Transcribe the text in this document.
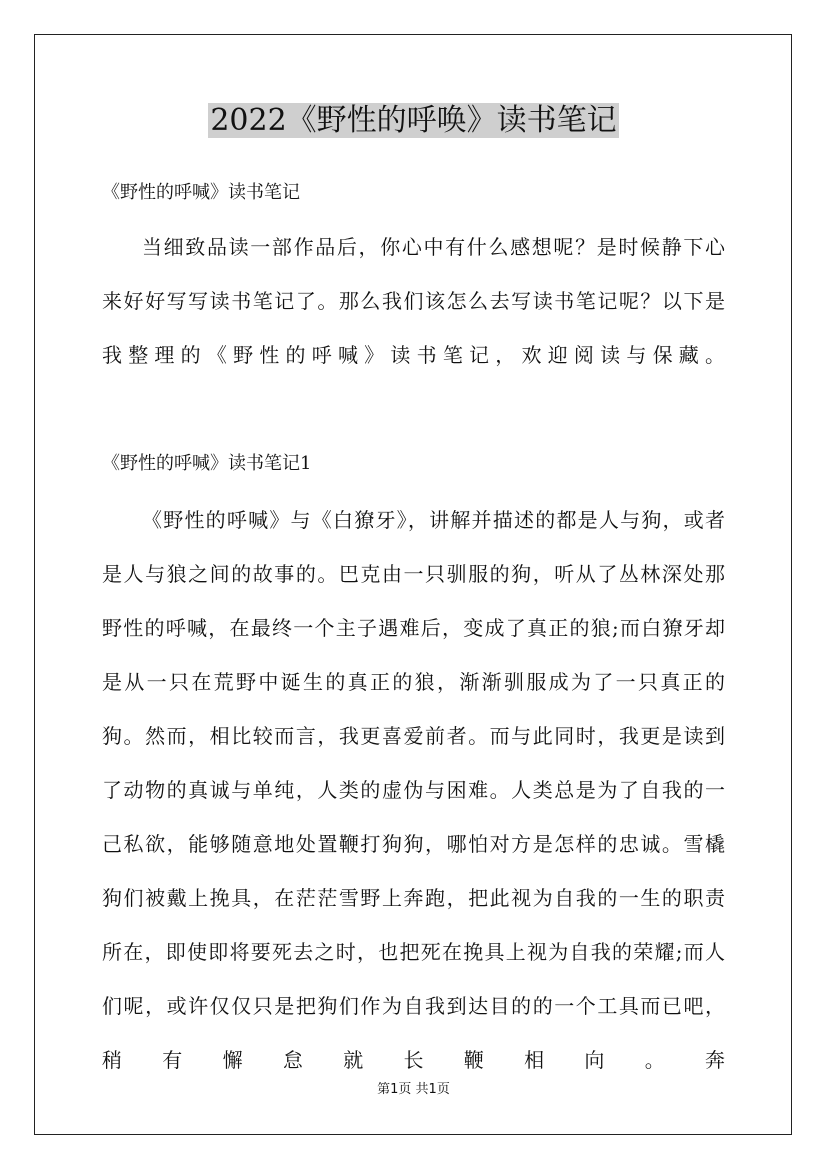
2022《野性的呼唤》读书笔记

《野性的呼喊》读书笔记

当细致品读一部作品后，你心中有什么感想呢？是时候静下心来好好写写读书笔记了。那么我们该怎么去写读书笔记呢？以下是我整理的《野性的呼喊》读书笔记，欢迎阅读与保藏。

《野性的呼喊》读书笔记1

《野性的呼喊》与《白獠牙》，讲解并描述的都是人与狗，或者是人与狼之间的故事的。巴克由一只驯服的狗，听从了丛林深处那野性的呼喊，在最终一个主子遇难后，变成了真正的狼;而白獠牙却是从一只在荒野中诞生的真正的狼，渐渐驯服成为了一只真正的狗。然而，相比较而言，我更喜爱前者。而与此同时，我更是读到了动物的真诚与单纯，人类的虚伪与困难。人类总是为了自我的一己私欲，能够随意地处置鞭打狗狗，哪怕对方是怎样的忠诚。雪橇狗们被戴上挽具，在茫茫雪野上奔跑，把此视为自我的一生的职责所在，即使即将要死去之时，也把死在挽具上视为自我的荣耀;而人们呢，或许仅仅只是把狗们作为自我到达目的的一个工具而已吧，稍有懈怠就长鞭相向。奔

第1页 共1页
